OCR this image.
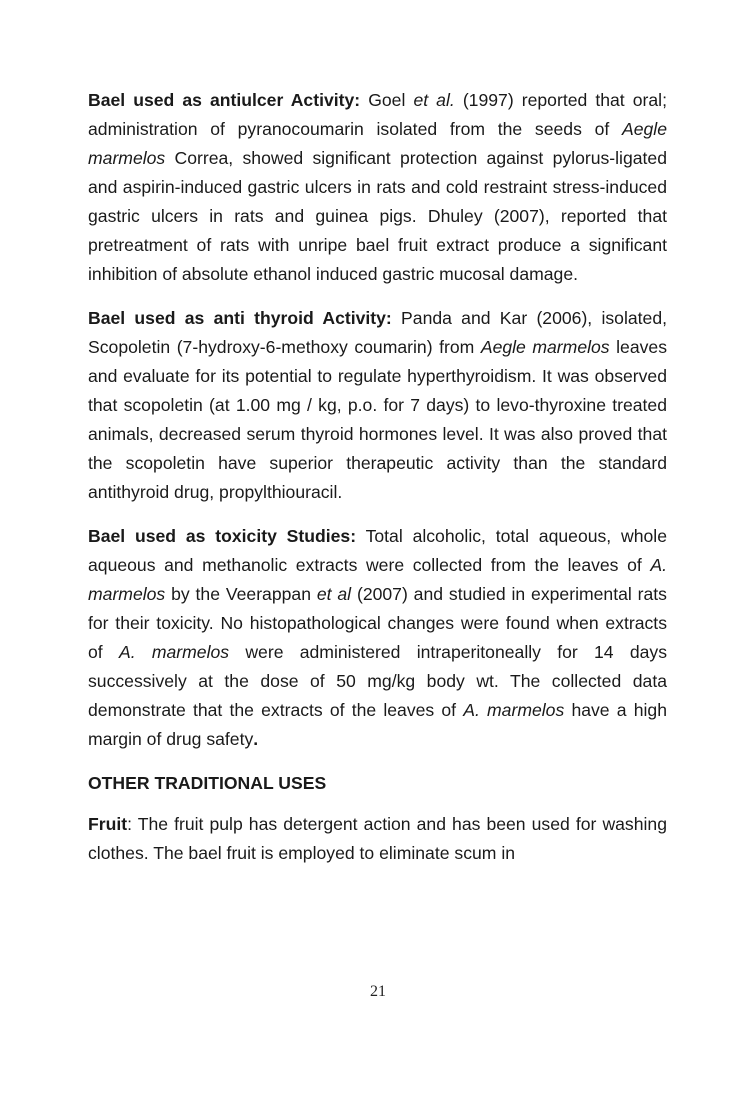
Bael used as antiulcer Activity: Goel et al. (1997) reported that oral; administration of pyranocoumarin isolated from the seeds of Aegle marmelos Correa, showed significant protection against pylorus-ligated and aspirin-induced gastric ulcers in rats and cold restraint stress-induced gastric ulcers in rats and guinea pigs. Dhuley (2007), reported that pretreatment of rats with unripe bael fruit extract produce a significant inhibition of absolute ethanol induced gastric mucosal damage.

Bael used as anti thyroid Activity: Panda and Kar (2006), isolated, Scopoletin (7-hydroxy-6-methoxy coumarin) from Aegle marmelos leaves and evaluate for its potential to regulate hyperthyroidism. It was observed that scopoletin (at 1.00 mg / kg, p.o. for 7 days) to levo-thyroxine treated animals, decreased serum thyroid hormones level. It was also proved that the scopoletin have superior therapeutic activity than the standard antithyroid drug, propylthiouracil.

Bael used as toxicity Studies: Total alcoholic, total aqueous, whole aqueous and methanolic extracts were collected from the leaves of A. marmelos by the Veerappan et al (2007) and studied in experimental rats for their toxicity. No histopathological changes were found when extracts of A. marmelos were administered intraperitoneally for 14 days successively at the dose of 50 mg/kg body wt. The collected data demonstrate that the extracts of the leaves of A. marmelos have a high margin of drug safety.

OTHER TRADITIONAL USES

Fruit: The fruit pulp has detergent action and has been used for washing clothes. The bael fruit is employed to eliminate scum in

21
